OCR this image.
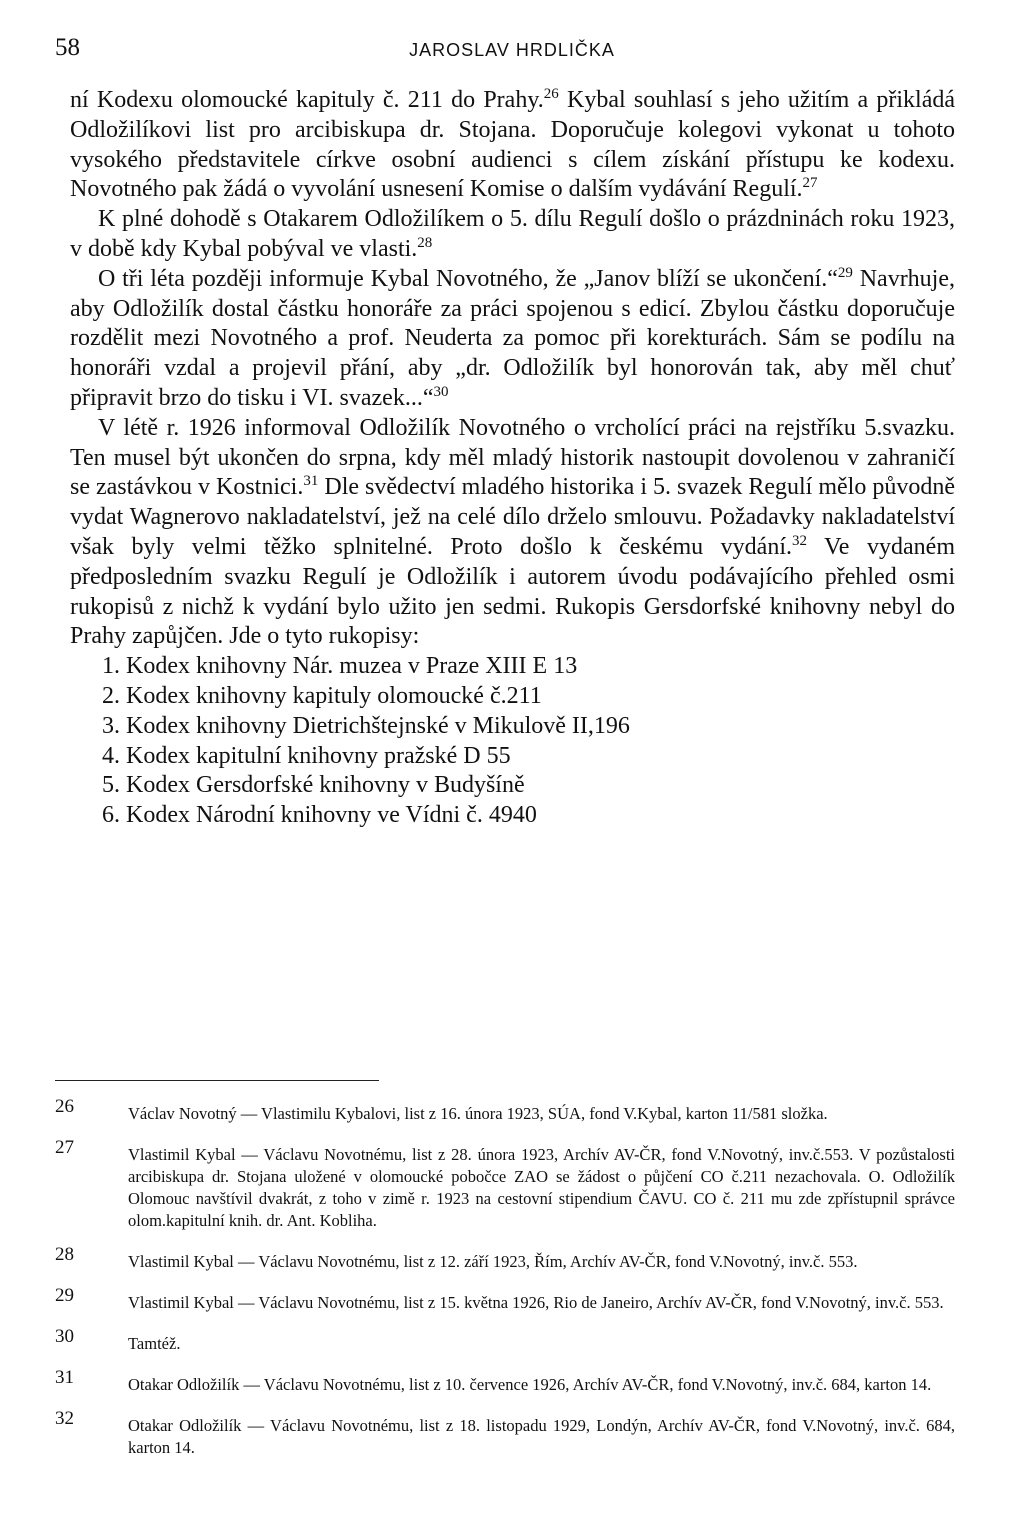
58	JAROSLAV HRDLIČKA

ní Kodexu olomoucké kapituly č. 211 do Prahy.$^{26}$ Kybal souhlasí s jeho užitím a přikládá Odložilíkovi list pro arcibiskupa dr. Stojana. Doporučuje kolegovi vykonat u tohoto vysokého představitele církve osobní audienci s cílem získání přístupu ke kodexu. Novotného pak žádá o vyvolání usnesení Komise o dalším vydávání Regulí.$^{27}$

K plné dohodě s Otakarem Odložilíkem o 5. dílu Regulí došlo o prázdninách roku 1923, v době kdy Kybal pobýval ve vlasti.$^{28}$

O tři léta později informuje Kybal Novotného, že „Janov blíží se ukončení.“$^{29}$ Navrhuje, aby Odložilík dostal částku honoráře za práci spojenou s edicí. Zbylou částku doporučuje rozdělit mezi Novotného a prof. Neuderta za pomoc při korekturách. Sám se podílu na honoráři vzdal a projevil přání, aby „dr. Odložilík byl honorován tak, aby měl chuť připravit brzo do tisku i VI. svazek...“$^{30}$

V létě r. 1926 informoval Odložilík Novotného o vrcholící práci na rejstříku 5.svazku. Ten musel být ukončen do srpna, kdy měl mladý historik nastoupit dovolenou v zahraničí se zastávkou v Kostnici.$^{31}$ Dle svědectví mladého historika i 5. svazek Regulí mělo původně vydat Wagnerovo nakladatelství, jež na celé dílo drželo smlouvu. Požadavky nakladatelství však byly velmi těžko splnitelné. Proto došlo k českému vydání.$^{32}$ Ve vydaném předposledním svazku Regulí je Odložilík i autorem úvodu podávajícího přehled osmi rukopisů z nichž k vydání bylo užito jen sedmi. Rukopis Gersdorfské knihovny nebyl do Prahy zapůjčen. Jde o tyto rukopisy:

1. Kodex knihovny Nár. muzea v Praze XIII E 13
2. Kodex knihovny kapituly olomoucké č.211
3. Kodex knihovny Dietrichštejnské v Mikulově II,196
4. Kodex kapitulní knihovny pražské D 55
5. Kodex Gersdorfské knihovny v Budyšíně
6. Kodex Národní knihovny ve Vídni č. 4940
26	Václav Novotný — Vlastimilu Kybalovi, list z 16. února 1923, SÚA, fond V.Kybal, karton 11/581 složka.
27	Vlastimil Kybal — Václavu Novotnému, list z 28. února 1923, Archív AV-ČR, fond V.Novotný, inv.č.553. V pozůstalosti arcibiskupa dr. Stojana uložené v olomoucké pobočce ZAO se žádost o půjčení CO č.211 nezachovala. O. Odložilík Olomouc navštívil dvakrát, z toho v zimě r. 1923 na cestovní stipendium ČAVU. CO č. 211 mu zde zpřístupnil správce olom.kapitulní knih. dr. Ant. Kobliha.
28	Vlastimil Kybal — Václavu Novotnému, list z 12. září 1923, Řím, Archív AV-ČR, fond V.Novotný, inv.č. 553.
29	Vlastimil Kybal — Václavu Novotnému, list z 15. května 1926, Rio de Janeiro, Archív AV-ČR, fond V.Novotný, inv.č. 553.
30	Tamtéž.
31	Otakar Odložilík — Václavu Novotnému, list z 10. července 1926, Archív AV-ČR, fond V.Novotný, inv.č. 684, karton 14.
32	Otakar Odložilík — Václavu Novotnému, list z 18. listopadu 1929, Londýn, Archív AV-ČR, fond V.Novotný, inv.č. 684, karton 14.
